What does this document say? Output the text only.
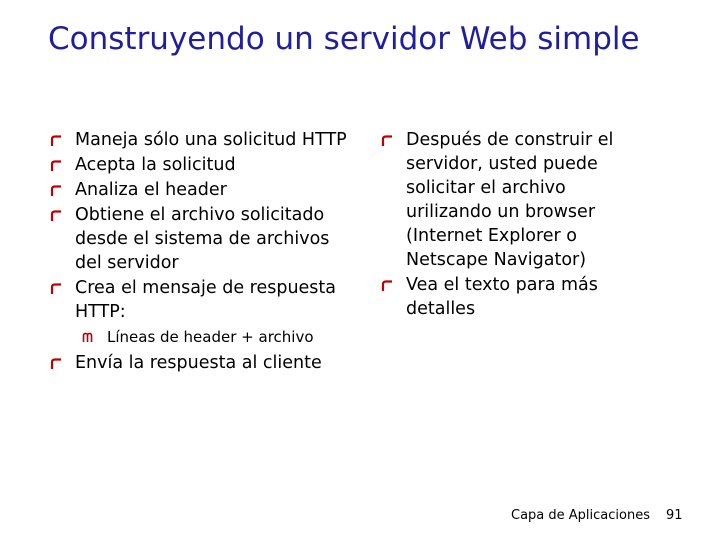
Construyendo un servidor Web simple
Maneja sólo una solicitud HTTP
Acepta la solicitud
Analiza el header
Obtiene el archivo solicitado desde el sistema de archivos del servidor
Crea el mensaje de respuesta HTTP:
Líneas de header + archivo
Envía la respuesta al cliente
Después de construir el servidor, usted puede solicitar el archivo urilizando un browser (Internet Explorer o Netscape Navigator)
Vea el texto para más detalles
Capa de Aplicaciones 91
